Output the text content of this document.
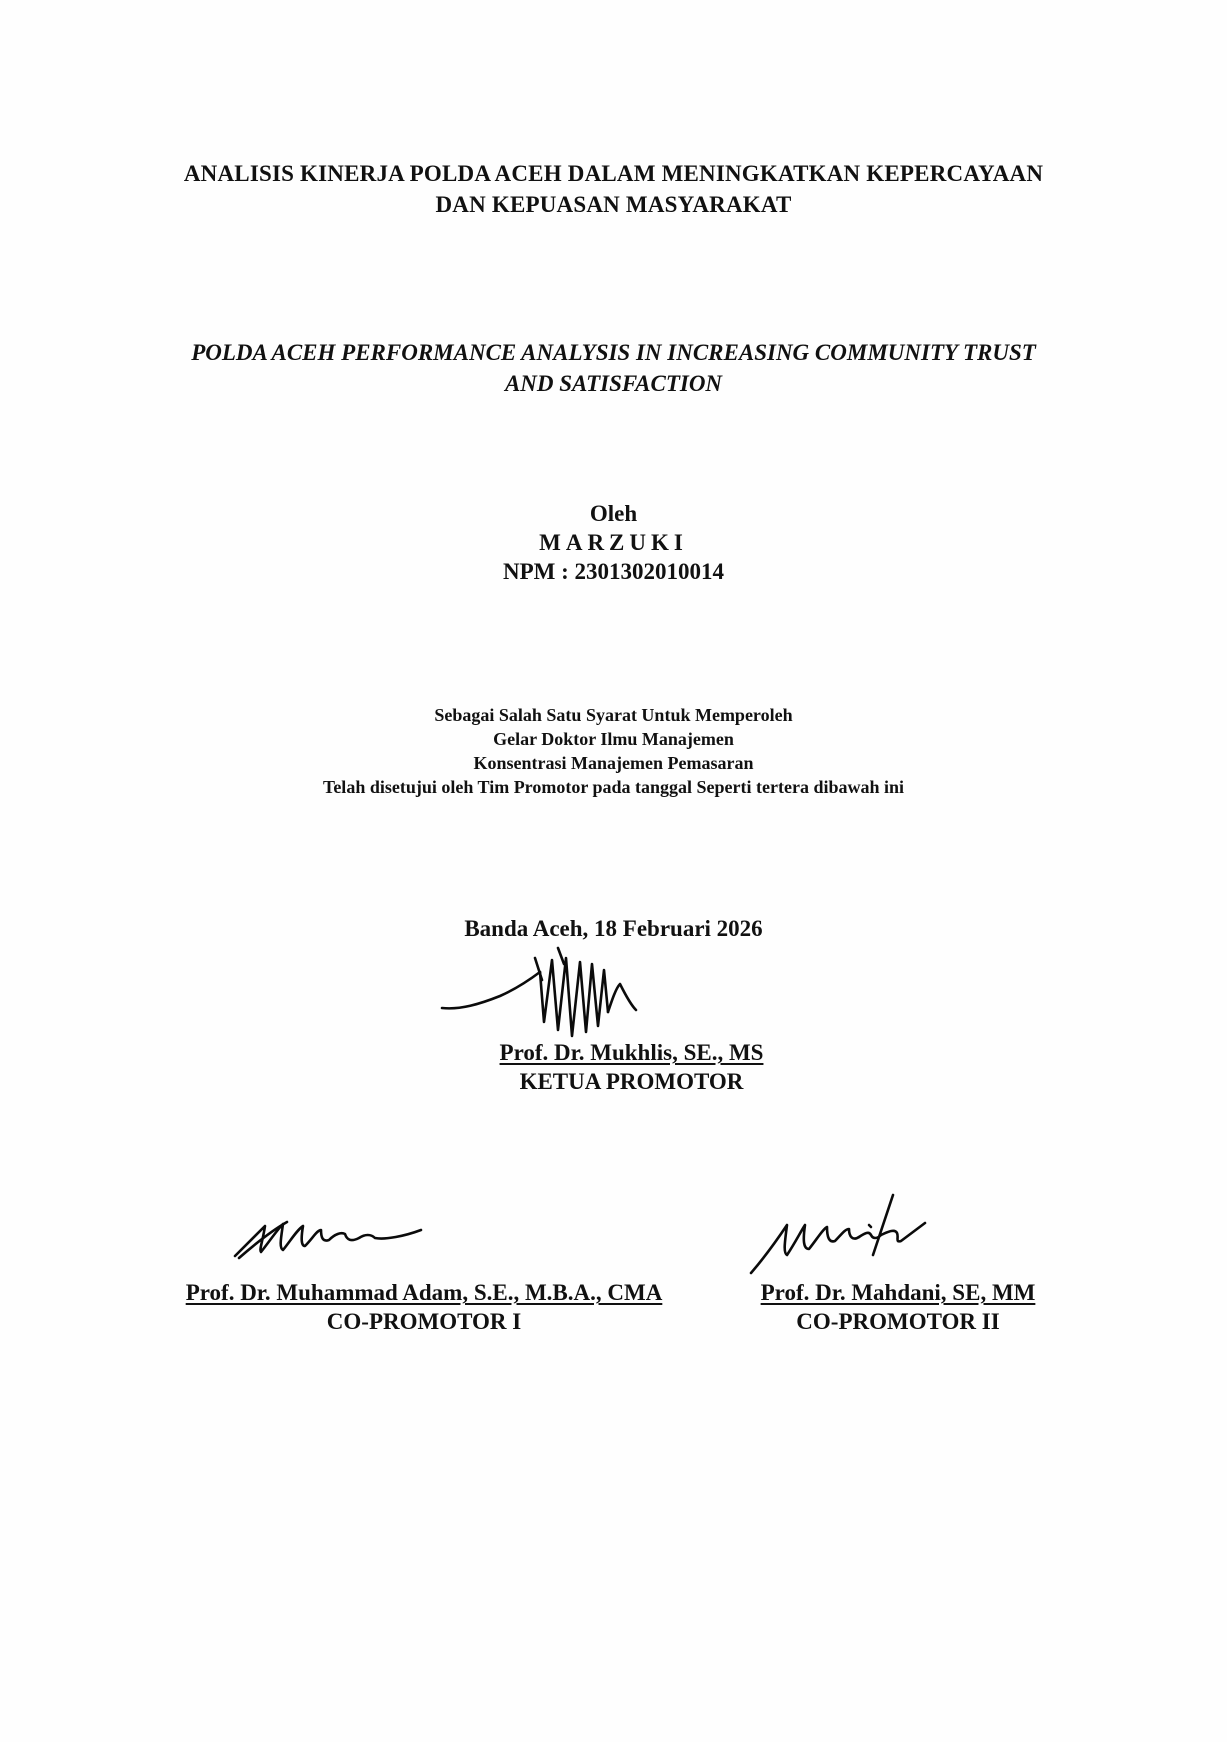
ANALISIS KINERJA POLDA ACEH DALAM MENINGKATKAN KEPERCAYAAN
DAN KEPUASAN MASYARAKAT
POLDA ACEH PERFORMANCE ANALYSIS IN INCREASING COMMUNITY TRUST
AND SATISFACTION
Oleh
MARZUKI
NPM : 2301302010014
Sebagai Salah Satu Syarat Untuk Memperoleh
Gelar Doktor Ilmu Manajemen
Konsentrasi Manajemen Pemasaran
Telah disetujui oleh Tim Promotor pada tanggal Seperti tertera dibawah ini
Banda Aceh, 18 Februari 2026
Prof. Dr. Mukhlis, SE., MS
KETUA PROMOTOR
Prof. Dr. Muhammad Adam, S.E., M.B.A., CMA
CO-PROMOTOR I
Prof. Dr. Mahdani, SE, MM
CO-PROMOTOR II
